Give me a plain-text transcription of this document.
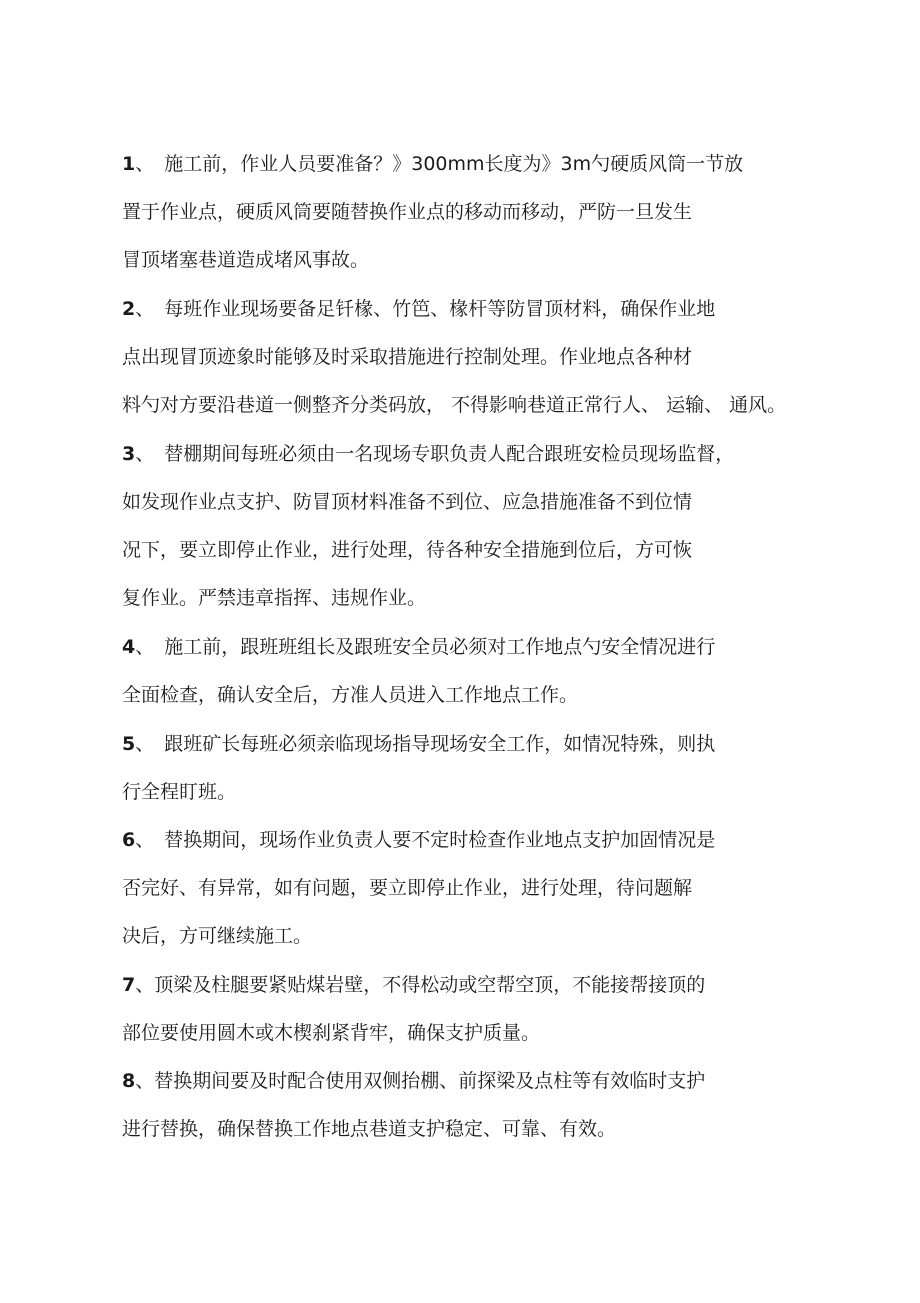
1、 施工前，作业人员要准备？》300mm长度为》3m勺硬质风筒一节放
置于作业点，硬质风筒要随替换作业点的移动而移动，严防一旦发生
冒顶堵塞巷道造成堵风事故。
2、 每班作业现场要备足钎椽、竹笆、椽杆等防冒顶材料，确保作业地
点出现冒顶迹象时能够及时采取措施进行控制处理。作业地点各种材
料勺对方要沿巷道一侧整齐分类码放， 不得影响巷道正常行人、 运输、 通风。
3、 替棚期间每班必须由一名现场专职负责人配合跟班安检员现场监督，
如发现作业点支护、防冒顶材料准备不到位、应急措施准备不到位情
况下，要立即停止作业，进行处理，待各种安全措施到位后，方可恢
复作业。严禁违章指挥、违规作业。
4、 施工前，跟班班组长及跟班安全员必须对工作地点勺安全情况进行
全面检查，确认安全后，方准人员进入工作地点工作。
5、 跟班矿长每班必须亲临现场指导现场安全工作，如情况特殊，则执
行全程盯班。
6、 替换期间，现场作业负责人要不定时检查作业地点支护加固情况是
否完好、有异常，如有问题，要立即停止作业，进行处理，待问题解
决后，方可继续施工。
7、顶梁及柱腿要紧贴煤岩壁，不得松动或空帮空顶，不能接帮接顶的
部位要使用圆木或木楔刹紧背牢，确保支护质量。
8、替换期间要及时配合使用双侧抬棚、前探梁及点柱等有效临时支护
进行替换，确保替换工作地点巷道支护稳定、可靠、有效。
